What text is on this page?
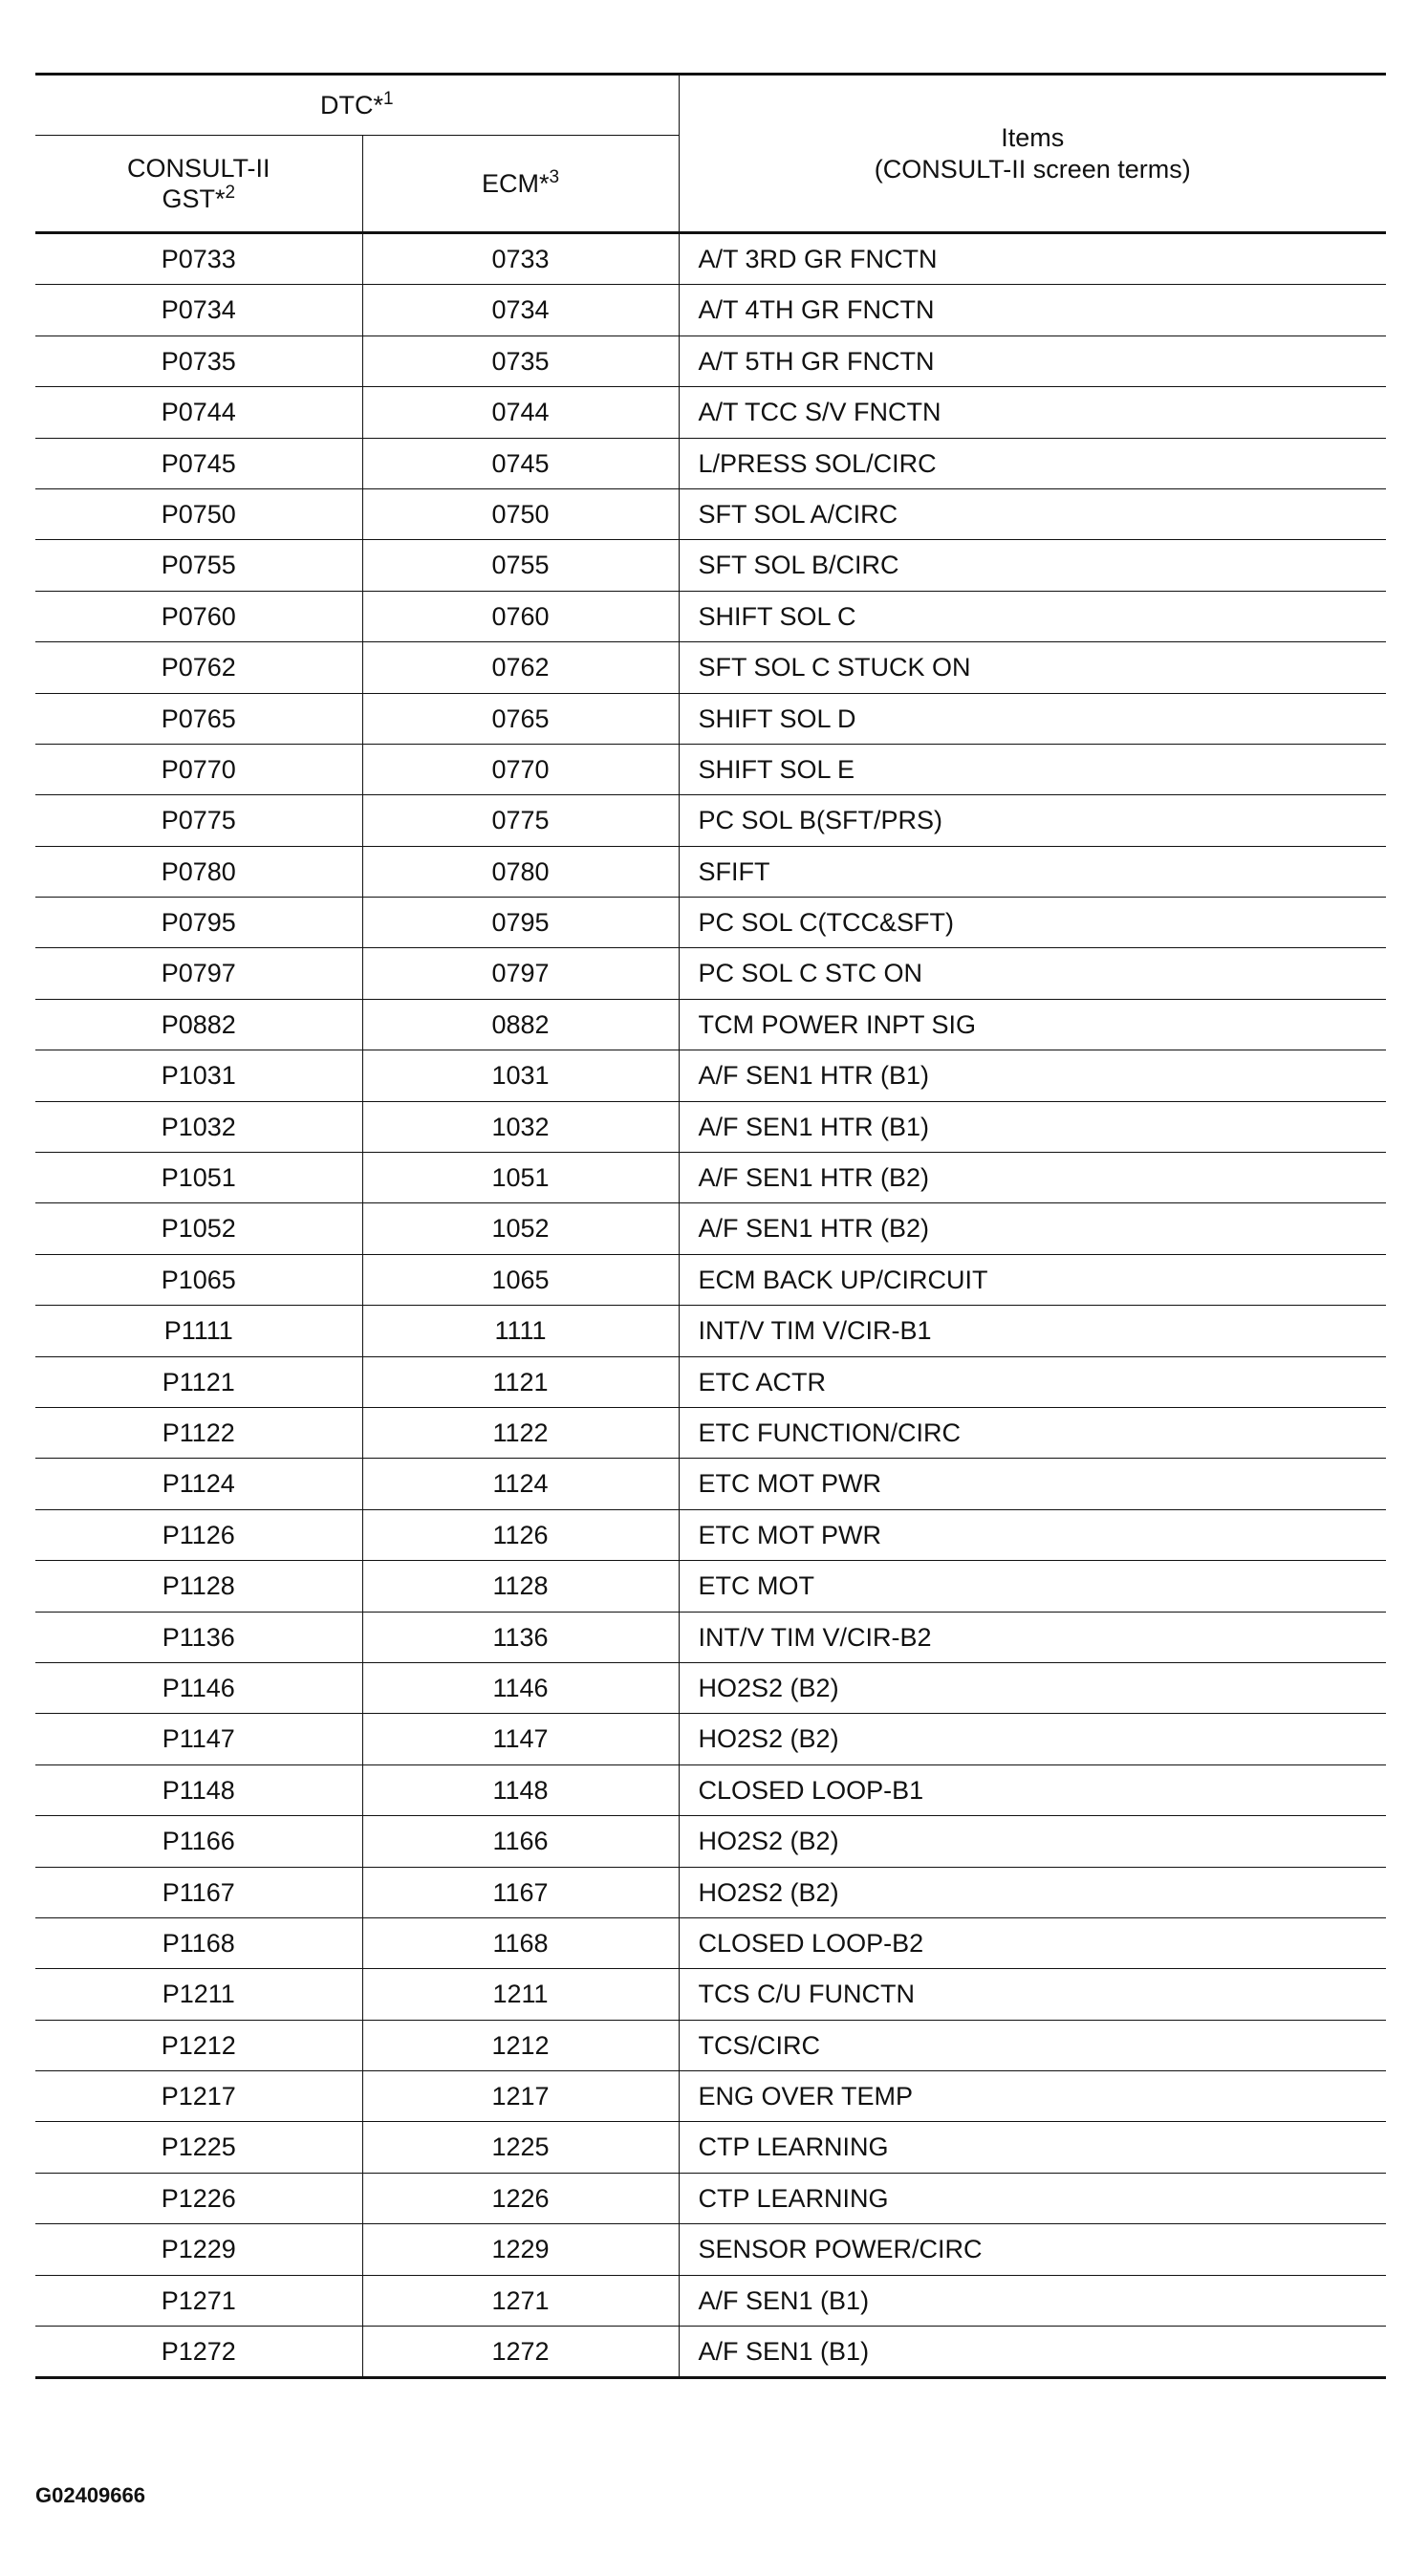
DTC*$^1$		Items
(CONSULT-II screen terms)

CONSULT-II
GST*$^2$	ECM*$^3$
P0733	0733	A/T 3RD GR FNCTN
P0734	0734	A/T 4TH GR FNCTN
P0735	0735	A/T 5TH GR FNCTN
P0744	0744	A/T TCC S/V FNCTN
P0745	0745	L/PRESS SOL/CIRC
P0750	0750	SFT SOL A/CIRC
P0755	0755	SFT SOL B/CIRC
P0760	0760	SHIFT SOL C
P0762	0762	SFT SOL C STUCK ON
P0765	0765	SHIFT SOL D
P0770	0770	SHIFT SOL E
P0775	0775	PC SOL B(SFT/PRS)
P0780	0780	SFIFT
P0795	0795	PC SOL C(TCC&SFT)
P0797	0797	PC SOL C STC ON
P0882	0882	TCM POWER INPT SIG
P1031	1031	A/F SEN1 HTR (B1)
P1032	1032	A/F SEN1 HTR (B1)
P1051	1051	A/F SEN1 HTR (B2)
P1052	1052	A/F SEN1 HTR (B2)
P1065	1065	ECM BACK UP/CIRCUIT
P1111	1111	INT/V TIM V/CIR-B1
P1121	1121	ETC ACTR
P1122	1122	ETC FUNCTION/CIRC
P1124	1124	ETC MOT PWR
P1126	1126	ETC MOT PWR
P1128	1128	ETC MOT
P1136	1136	INT/V TIM V/CIR-B2
P1146	1146	HO2S2 (B2)
P1147	1147	HO2S2 (B2)
P1148	1148	CLOSED LOOP-B1
P1166	1166	HO2S2 (B2)
P1167	1167	HO2S2 (B2)
P1168	1168	CLOSED LOOP-B2
P1211	1211	TCS C/U FUNCTN
P1212	1212	TCS/CIRC
P1217	1217	ENG OVER TEMP
P1225	1225	CTP LEARNING
P1226	1226	CTP LEARNING
P1229	1229	SENSOR POWER/CIRC
P1271	1271	A/F SEN1 (B1)
P1272	1272	A/F SEN1 (B1)
G02409666
